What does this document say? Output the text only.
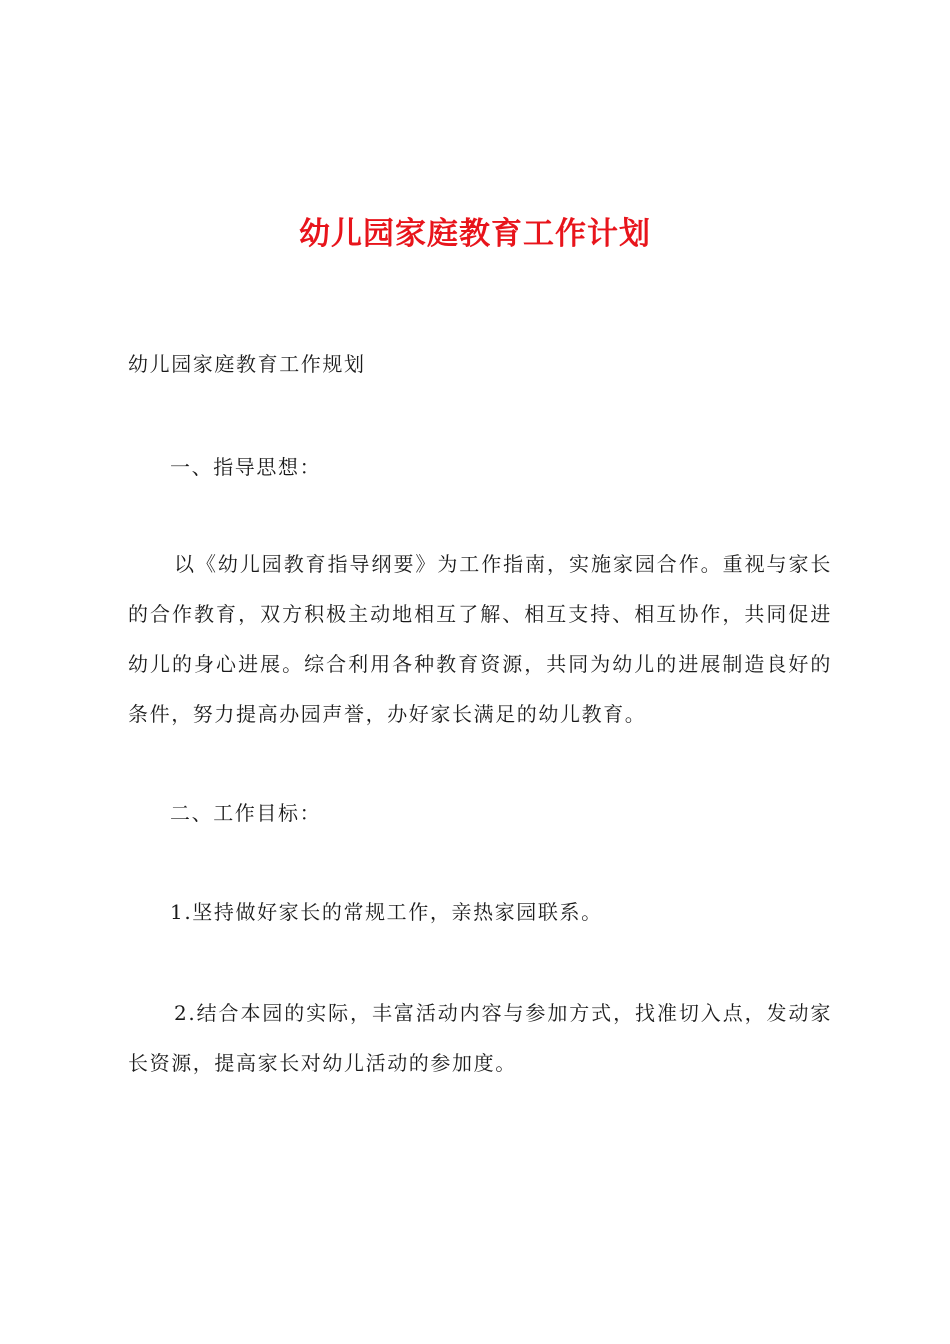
幼儿园家庭教育工作计划

幼儿园家庭教育工作规划

一、指导思想：

以《幼儿园教育指导纲要》为工作指南，实施家园合作。重视与家长的合作教育，双方积极主动地相互了解、相互支持、相互协作，共同促进幼儿的身心进展。综合利用各种教育资源，共同为幼儿的进展制造良好的条件，努力提高办园声誉，办好家长满足的幼儿教育。

二、工作目标：

1.坚持做好家长的常规工作，亲热家园联系。

2.结合本园的实际，丰富活动内容与参加方式，找准切入点，发动家长资源，提高家长对幼儿活动的参加度。
